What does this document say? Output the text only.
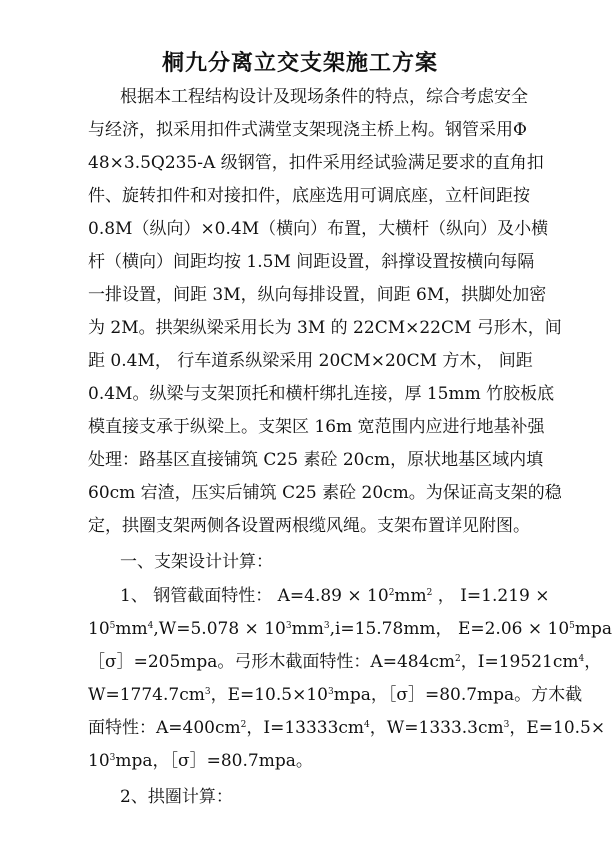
桐九分离立交支架施工方案
根据本工程结构设计及现场条件的特点，综合考虑安全
与经济，拟采用扣件式满堂支架现浇主桥上构。钢管采用Φ
48×3.5Q235-A 级钢管，扣件采用经试验满足要求的直角扣
件、旋转扣件和对接扣件，底座选用可调底座，立杆间距按
0.8M（纵向）×0.4M（横向）布置，大横杆（纵向）及小横
杆（横向）间距均按 1.5M 间距设置，斜撑设置按横向每隔
一排设置，间距 3M，纵向每排设置，间距 6M，拱脚处加密
为 2M。拱架纵梁采用长为 3M 的 22CM×22CM 弓形木，间
距 0.4M， 行车道系纵梁采用 20CM×20CM 方木， 间距
0.4M。纵梁与支架顶托和横杆绑扎连接，厚 15mm 竹胶板底
模直接支承于纵梁上。支架区 16m 宽范围内应进行地基补强
处理：路基区直接铺筑 C25 素砼 20cm，原状地基区域内填
60cm 宕渣，压实后铺筑 C25 素砼 20cm。为保证高支架的稳
定，拱圈支架两侧各设置两根缆风绳。支架布置详见附图。
一、支架设计计算：
1、 钢管截面特性： $A=4.89 \times 10^2mm^2$ ， I=1.219 ×
$10^5mm^4,W=5.078 \times 10^3mm^3,i=15.78mm$， $E=2.06 \times 10^5mpa$
［σ］=205mpa。弓形木截面特性：$A=484cm^2$，$I=19521cm^4$，
$W=1774.7cm^3$，$E=10.5\times 10^3mpa$，［σ］=80.7mpa。方木截
面特性：$A=400cm^2$，$I=13333cm^4$，$W=1333.3cm^3$，E=10.5×
$10^3mpa$，［σ］=80.7mpa。
2、拱圈计算：
